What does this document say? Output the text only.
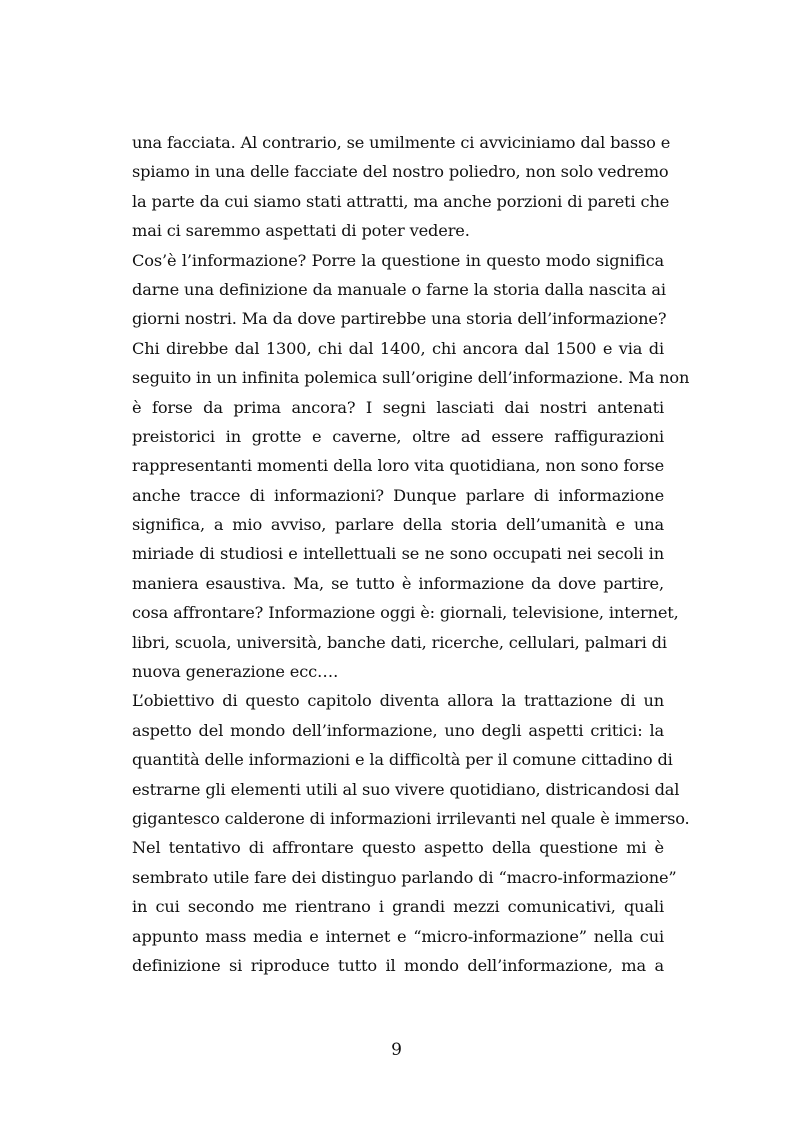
una facciata. Al contrario, se umilmente ci avviciniamo dal basso e
spiamo in una delle facciate del nostro poliedro, non solo vedremo
la parte da cui siamo stati attratti, ma anche porzioni di pareti che
mai ci saremmo aspettati di poter vedere.
Cos’è l’informazione? Porre la questione in questo modo significa
darne una definizione da manuale o farne la storia dalla nascita ai
giorni nostri. Ma da dove partirebbe una storia dell’informazione?
Chi direbbe dal 1300, chi dal 1400, chi ancora dal 1500 e via di
seguito in un infinita polemica sull’origine dell’informazione. Ma non
è forse da prima ancora? I segni lasciati dai nostri antenati
preistorici in grotte e caverne, oltre ad essere raffigurazioni
rappresentanti momenti della loro vita quotidiana, non sono forse
anche tracce di informazioni? Dunque parlare di informazione
significa, a mio avviso, parlare della storia dell’umanità e una
miriade di studiosi e intellettuali se ne sono occupati nei secoli in
maniera esaustiva. Ma, se tutto è informazione da dove partire,
cosa affrontare? Informazione oggi è: giornali, televisione, internet,
libri, scuola, università, banche dati, ricerche, cellulari, palmari di
nuova generazione ecc….
L’obiettivo di questo capitolo diventa allora la trattazione di un
aspetto del mondo dell’informazione, uno degli aspetti critici: la
quantità delle informazioni e la difficoltà per il comune cittadino di
estrarne gli elementi utili al suo vivere quotidiano, districandosi dal
gigantesco calderone di informazioni irrilevanti nel quale è immerso.
Nel tentativo di affrontare questo aspetto della questione mi è
sembrato utile fare dei distinguo parlando di “macro-informazione”
in cui secondo me rientrano i grandi mezzi comunicativi, quali
appunto mass media e internet e “micro-informazione” nella cui
definizione si riproduce tutto il mondo dell’informazione, ma a
9
